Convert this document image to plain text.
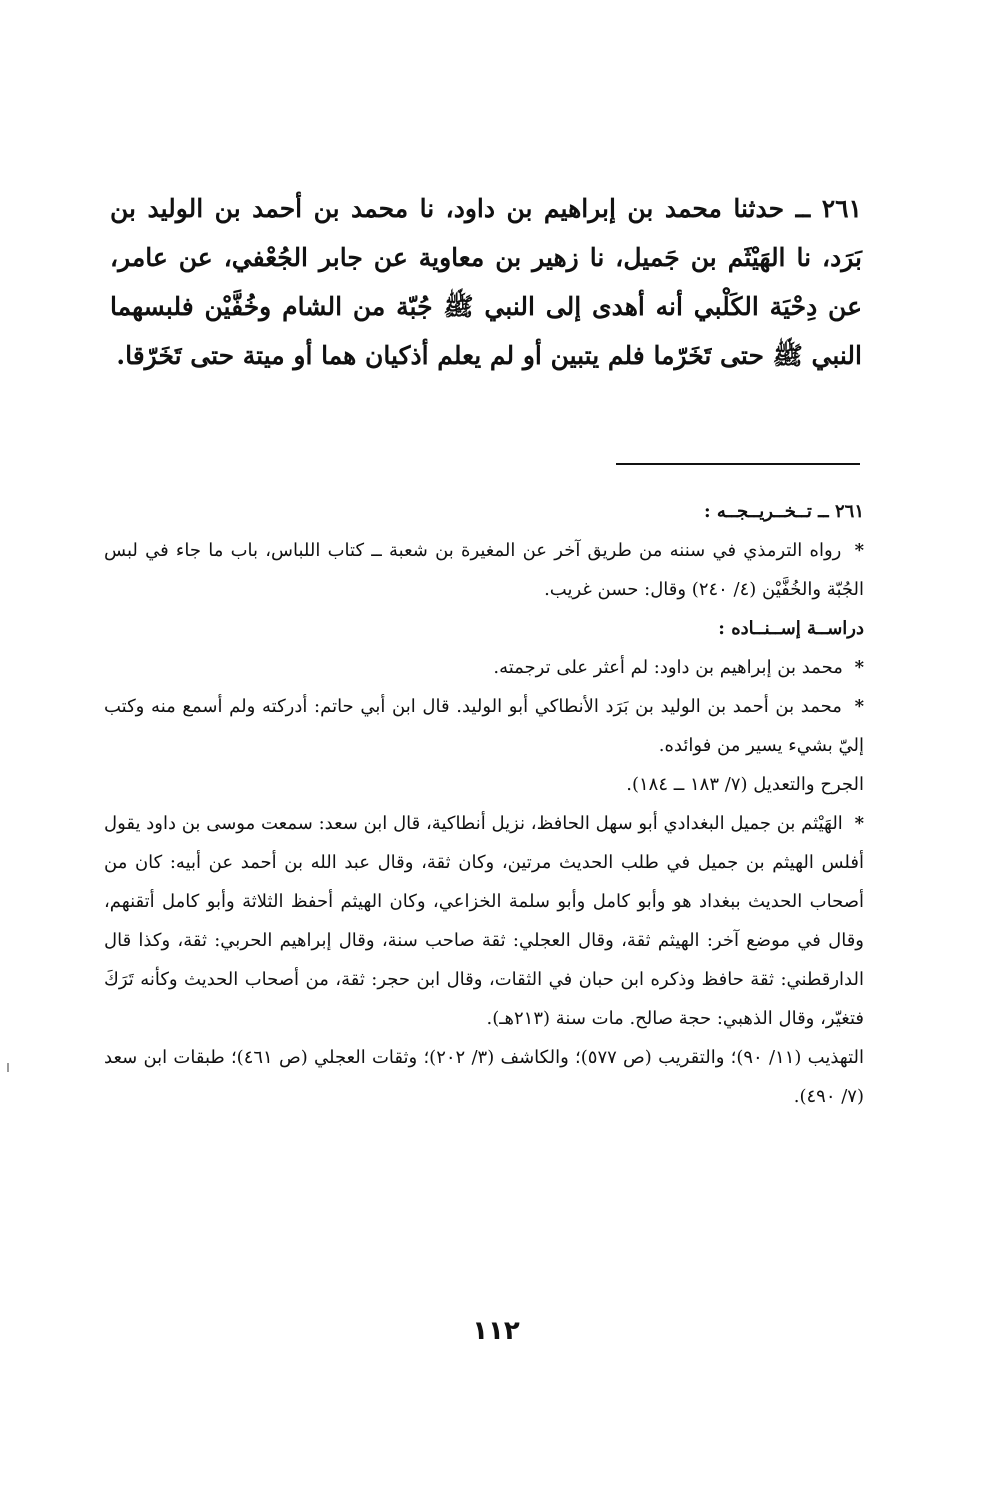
٢٦١ ــ حدثنا محمد بن إبراهيم بن داود، نا محمد بن أحمد بن الوليد بن بَرَد، نا الهَيْثَم بن جَميل، نا زهير بن معاوية عن جابر الجُعْفي، عن عامر، عن دِحْيَة الكَلْبي أنه أهدى إلى النبي ﷺ جُبّة من الشام وخُفَّيْن فلبسهما النبي ﷺ حتى تَخَرّما فلم يتبين أو لم يعلم أذكيان هما أو ميتة حتى تَخَرّقا.

٢٦١ ــ تــخــريــجــه :

* رواه الترمذي في سننه من طريق آخر عن المغيرة بن شعبة ــ كتاب اللباس، باب ما جاء في لبس الجُبّة والخُفَّيْن (٤/ ٢٤٠) وقال: حسن غريب.

دراســة إســنــاده :

* محمد بن إبراهيم بن داود: لم أعثر على ترجمته.

* محمد بن أحمد بن الوليد بن بَرَد الأنطاكي أبو الوليد. قال ابن أبي حاتم: أدركته ولم أسمع منه وكتب إليّ بشيء يسير من فوائده.

الجرح والتعديل (٧/ ١٨٣ ــ ١٨٤).

* الهَيْثم بن جميل البغدادي أبو سهل الحافظ، نزيل أنطاكية، قال ابن سعد: سمعت موسى بن داود يقول أفلس الهيثم بن جميل في طلب الحديث مرتين، وكان ثقة، وقال عبد الله بن أحمد عن أبيه: كان من أصحاب الحديث ببغداد هو وأبو كامل وأبو سلمة الخزاعي، وكان الهيثم أحفظ الثلاثة وأبو كامل أتقنهم، وقال في موضع آخر: الهيثم ثقة، وقال العجلي: ثقة صاحب سنة، وقال إبراهيم الحربي: ثقة، وكذا قال الدارقطني: ثقة حافظ وذكره ابن حبان في الثقات، وقال ابن حجر: ثقة، من أصحاب الحديث وكأنه تَرَكَ فتغيّر، وقال الذهبي: حجة صالح. مات سنة (٢١٣هـ).

التهذيب (١١/ ٩٠)؛ والتقريب (ص ٥٧٧)؛ والكاشف (٣/ ٢٠٢)؛ وثقات العجلي (ص ٤٦١)؛ طبقات ابن سعد (٧/ ٤٩٠).

١١٢
